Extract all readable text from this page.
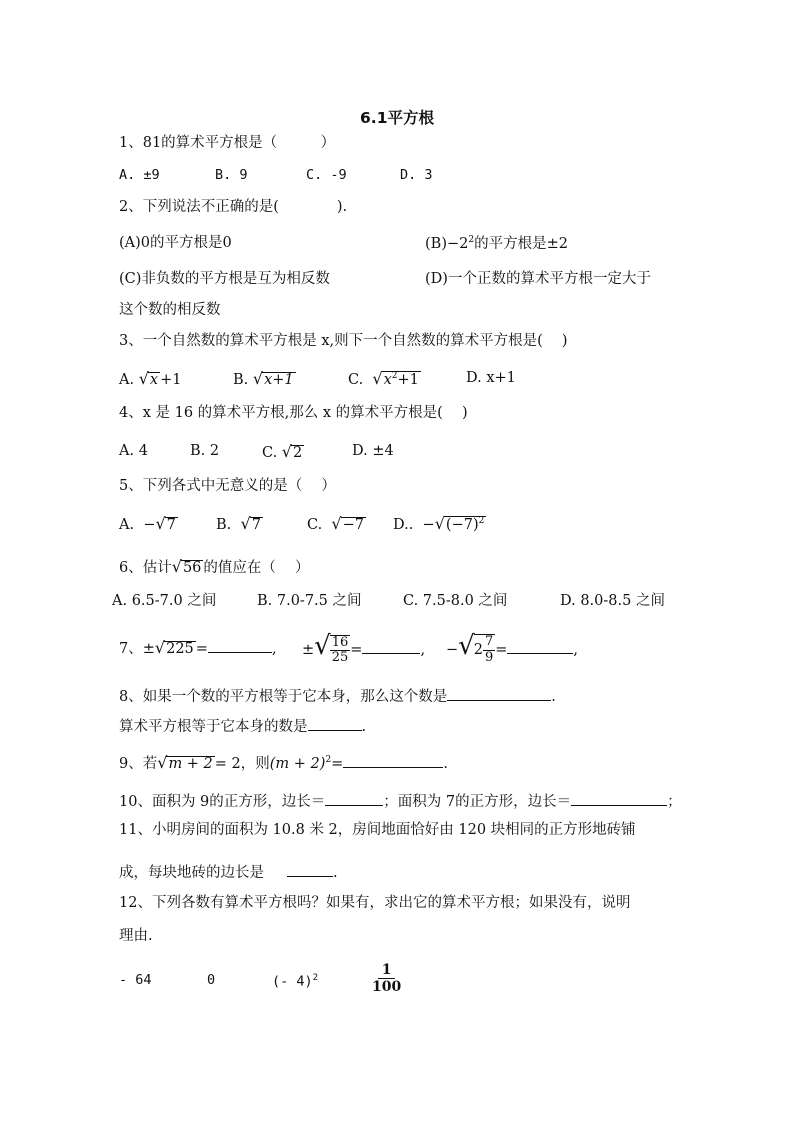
6.1平方根
1、81的算术平方根是（　　　）
A. ±9	B. 9	C. -9	D. 3
2、下列说法不正确的是(　　　　).
(A)0的平方根是0	$(B)-2^2$的平方根是±2
(C)非负数的平方根是互为相反数	(D)一个正数的算术平方根一定大于
这个数的相反数
3、一个自然数的算术平方根是 x,则下一个自然数的算术平方根是(　 )
A. √x +1	B. √x+1	C. $√x^2+1$	D. x+1
4、x 是 16 的算术平方根,那么 x 的算术平方根是(　 )
A. 4	B. 2	C. √2	D. ±4
5、下列各式中无意义的是（　 ）
A. −√7	B. √7	C. √−7 D.. $-√(-7)^2$
6、估计√56 的值应在（　 ）
A. 6.5-7.0 之间	B. 7.0-7.5 之间	C. 7.5-8.0 之间	D. 8.0-8.5 之间
7、±√225 =	, ±√ $\frac{16}{25}$ =	, $-√2 \frac{7}{9}$ =	,
8、如果一个数的平方根等于它本身，那么这个数是	.
算术平方根等于它本身的数是	.
9、若√m + 2 = 2，则$(m + 2)^2=$	.
10、面积为 9的正方形，边长＝	；面积为 7的正方形，边长＝	；
11、小明房间的面积为 10.8 米 2，房间地面恰好由 120 块相同的正方形地砖铺
成，每块地砖的边长是	.
12、下列各数有算术平方根吗？如果有，求出它的算术平方根；如果没有，说明
理由.
- 64	0	(- 4)$^2$	1
100
